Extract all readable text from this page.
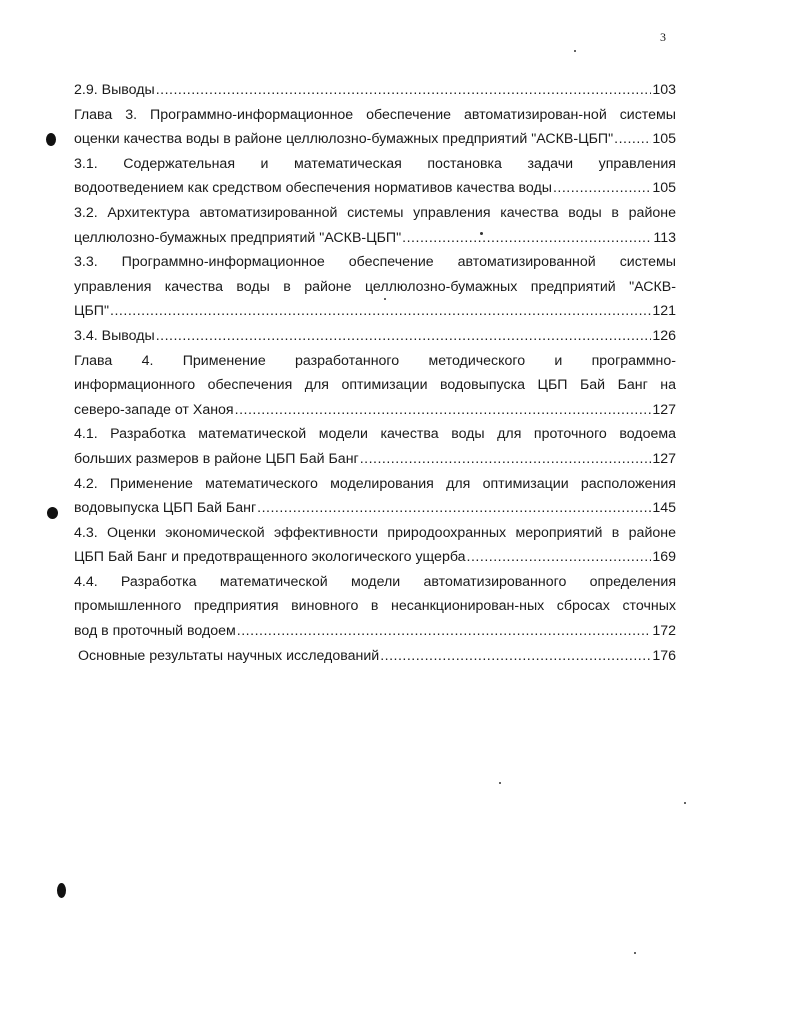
3
2.9. Выводы .....	103
Глава 3. Программно-информационное обеспечение автоматизирован-ной системы
оценки качества воды в районе целлюлозно-бумажных предприятий "АСКВ-ЦБП" .....	105
3.1. Содержательная и математическая постановка задачи управления
водоотведением как средством обеспечения нормативов качества воды .....	105
3.2. Архитектура автоматизированной системы управления качества воды в районе
целлюлозно-бумажных предприятий "АСКВ-ЦБП" .....	113
3.3. Программно-информационное обеспечение автоматизированной системы
управления качества воды в районе целлюлозно-бумажных предприятий "АСКВ-
ЦБП" .....	121
3.4. Выводы .....	126
Глава 4. Применение разработанного методического и программно-
информационного обеспечения для оптимизации водовыпуска ЦБП Бай Банг на
северо-западе от Ханоя .....	127
4.1. Разработка математической модели качества воды для проточного водоема
больших размеров в районе ЦБП Бай Банг .....	127
4.2. Применение математического моделирования для оптимизации расположения
водовыпуска ЦБП Бай Банг .....	145
4.3. Оценки экономической эффективности природоохранных мероприятий в районе
ЦБП Бай Банг и предотвращенного экологического ущерба .....	169
4.4. Разработка математической модели автоматизированного определения
промышленного предприятия виновного в несанкционирован-ных сбросах сточных
вод в проточный водоем .....	172
Основные результаты научных исследований .....	176
